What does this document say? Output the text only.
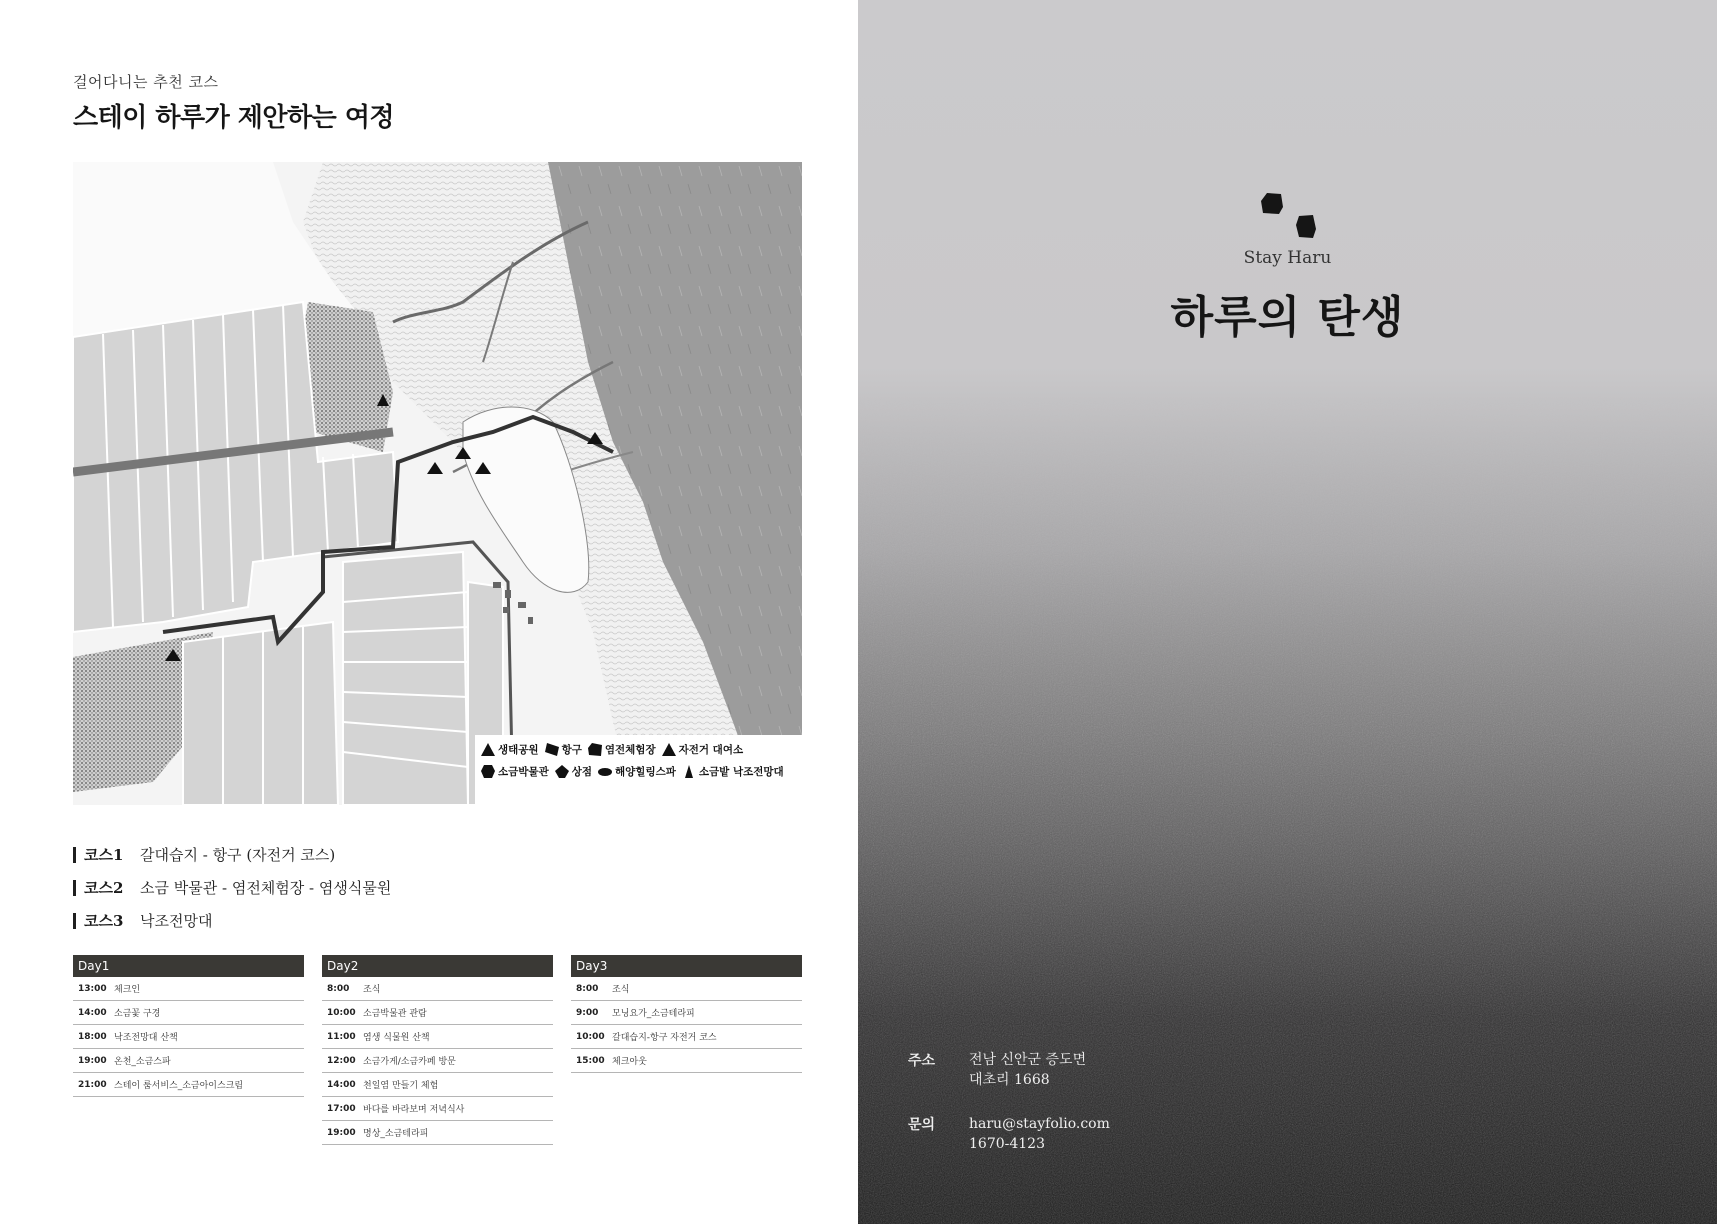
걸어다니는 추천 코스
스테이 하루가 제안하는 여정
생태공원 항구 염전체험장 자전거 대여소
소금박물관 상점 해양힐링스파 소금밭 낙조전망대
코스1	갈대습지 - 항구 (자전거 코스)
코스2	소금 박물관 - 염전체험장 - 염생식물원
코스3	낙조전망대
Day1
13:00 체크인
14:00 소금꽃 구경
18:00 낙조전망대 산책
19:00 온천_소금스파
21:00 스테이 룸서비스_소금아이스크림
Day2
8:00	조식
10:00 소금박물관 관람
11:00 염생 식물원 산책
12:00 소금가게/소금카페 방문
14:00 천일염 만들기 체험
17:00 바다를 바라보며 저녁식사
19:00 명상_소금테라피
Day3
8:00	조식
9:00	모닝요가_소금테라피
10:00 갈대습지-항구 자전거 코스
15:00 체크아웃
Stay Haru
하루의 탄생
주소	전남 신안군 증도면
대초리 1668
문의	haru@stayfolio.com
1670-4123
